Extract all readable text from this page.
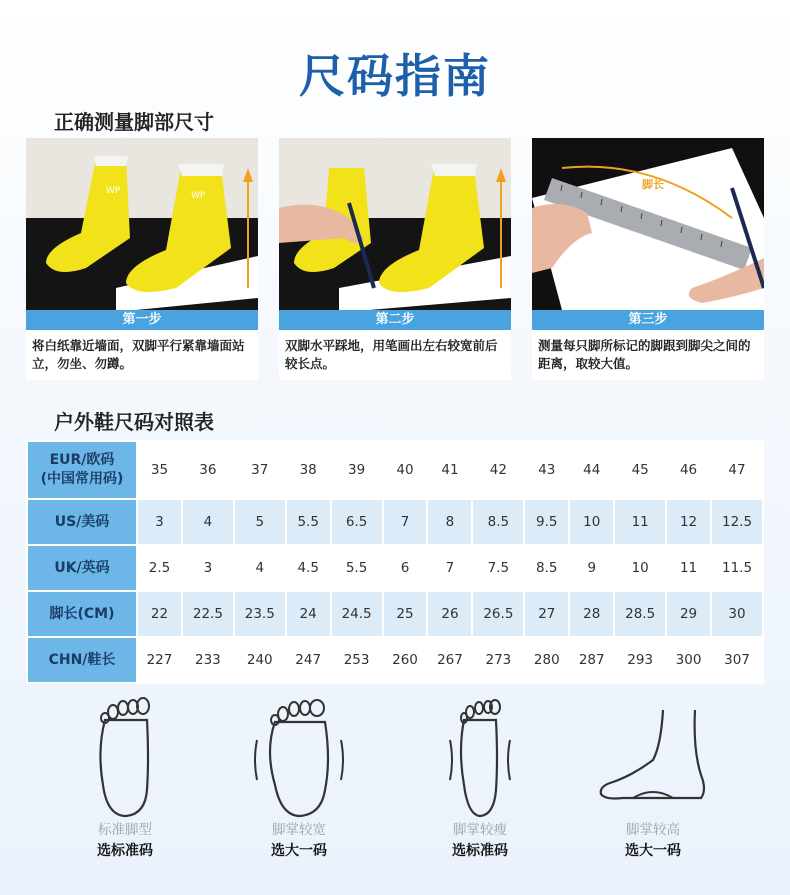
尺码指南
正确测量脚部尺寸
WP	WP
第一步
将白纸靠近墙面，双脚平行紧靠墙面站立，勿坐、勿蹲。
第二步
双脚水平踩地，用笔画出左右较宽前后较长点。
脚长
第三步
测量每只脚所标记的脚跟到脚尖之间的距离，取较大值。
户外鞋尺码对照表
EUR/欧码
(中国常用码)	35	36	37	38	39	40	41	42	43	44	45	46	47

US/美码	3	4	5	5.5	6.5	7	8	8.5	9.5	10	11	12	12.5

UK/英码	2.5	3	4	4.5	5.5	6	7	7.5	8.5	9	10	11	11.5

脚长(CM)	22	22.5	23.5	24	24.5	25	26	26.5	27	28	28.5	29	30

CHN/鞋长	227	233	240	247	253	260	267	273	280	287	293	300	307
标准脚型
选标准码
脚掌较宽
选大一码
脚掌较瘦
选标准码
脚掌较高
选大一码
